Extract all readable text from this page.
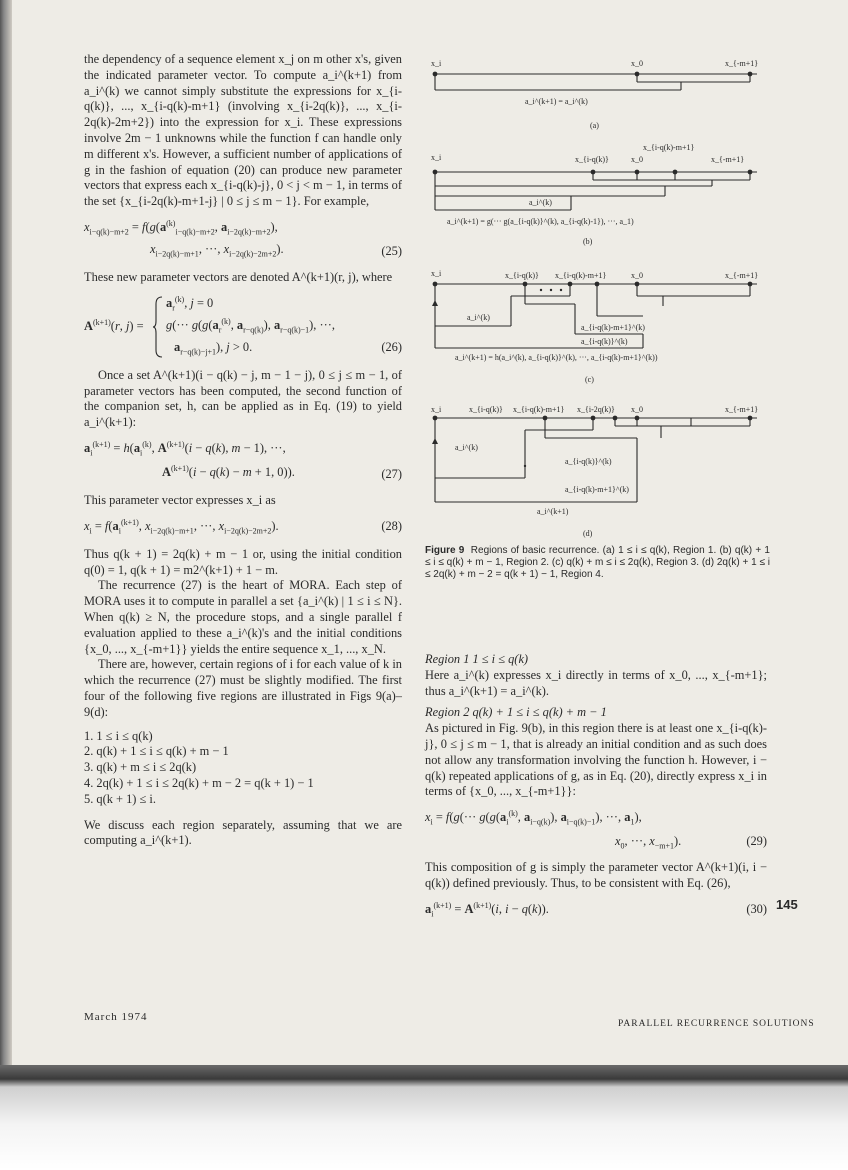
the dependency of a sequence element x_j on m other x's, given the indicated parameter vector. To compute a_i^(k+1) from a_i^(k) we cannot simply substitute the expressions for x_{i-q(k)}, ..., x_{i-q(k)-m+1} (involving x_{i-2q(k)}, ..., x_{i-2q(k)-2m+2}) into the expression for x_i. These expressions involve 2m − 1 unknowns while the function f can handle only m different x's. However, a sufficient number of applications of g in the fashion of equation (20) can produce new parameter vectors that express each x_{i-q(k)-j}, 0 < j < m − 1, in terms of the set {x_{i-2q(k)-m+1-j} | 0 ≤ j ≤ m − 1}. For example,

$x_{i-q(k)-m+2} = f(g(a^{(k)}_{i-q(k)-m+2}$, $a_{i-2q(k)-m+2}$),
$x_{i-2q(k)-m+1}$, ···, $x_{i-2q(k)-2m+2}$).	(25)

These new parameter vectors are denoted A^(k+1)(r, j), where

$A^{(k+1)}(r$, j) =
$a_r^{(k)}$, j = 0
$g(\cdot\cdot\cdot g(g(a_r^{(k)}$, $a_{r-q(k)}$), $a_{r-q(k)-1}$), ···,
$a_{r-q(k)-j+1}$), j > 0.	(26)

Once a set A^(k+1)(i − q(k) − j, m − 1 − j), 0 ≤ j ≤ m − 1, of parameter vectors has been computed, the second function of the companion set, h, can be applied as in Eq. (19) to yield a_i^(k+1):

$a_i^{(k+1)} = h(a_i^{(k)}$, $A^{(k+1)}(i - q(k)$, m − 1), ···,
$A^{(k+1)}(i - q(k) - m + 1$, 0)).	(27)

This parameter vector expresses x_i as

$x_i = f(a_i^{(k+1)}$, $x_{i-2q(k)-m+1}$, ···, $x_{i-2q(k)-2m+2}$).	(28)

Thus q(k + 1) = 2q(k) + m − 1 or, using the initial condition q(0) = 1, q(k + 1) = m2^(k+1) + 1 − m.

The recurrence (27) is the heart of MORA. Each step of MORA uses it to compute in parallel a set {a_i^(k) | 1 ≤ i ≤ N}. When q(k) ≥ N, the procedure stops, and a single parallel f evaluation applied to these a_i^(k)'s and the initial conditions {x_0, ..., x_{-m+1}} yields the entire sequence x_1, ..., x_N.

There are, however, certain regions of i for each value of k in which the recurrence (27) must be slightly modified. The first four of the following five regions are illustrated in Figs 9(a)–9(d):

1. 1 ≤ i ≤ q(k)
2. q(k) + 1 ≤ i ≤ q(k) + m − 1
3. q(k) + m ≤ i ≤ 2q(k)
4. 2q(k) + 1 ≤ i ≤ 2q(k) + m − 2 = q(k + 1) − 1
5. q(k + 1) ≤ i.

We discuss each region separately, assuming that we are computing a_i^(k+1).

x_i	x_0	x_{-m+1}
a_i^(k+1) = a_i^(k)
(a)
x_i	x_{i-q(k)}	x_0	x_{-m+1}
x_{i-q(k)-m+1}
a_i^(k)
a_i^(k+1) = g(··· g(a_{i-q(k)}^(k), a_{i-q(k)-1}), ···, a_1)
(b)
x_i	x_{i-q(k)} x_{i-q(k)-m+1}	x_0	x_{-m+1}
a_i^(k)
a_{i-q(k)-m+1}^(k)
a_{i-q(k)}^(k)
a_i^(k+1) = h(a_i^(k), a_{i-q(k)}^(k), ···, a_{i-q(k)-m+1}^(k))
(c)
x_i	x_{i-q(k)} x_{i-q(k)-m+1} x_{i-2q(k)} x_0	x_{-m+1}
a_i^(k)
a_{i-q(k)}^(k)
a_{i-q(k)-m+1}^(k)
a_i^(k+1)
(d)
Figure 9 Regions of basic recurrence. (a) 1 ≤ i ≤ q(k), Region 1. (b) q(k) + 1 ≤ i ≤ q(k) + m − 1, Region 2. (c) q(k) + m ≤ i ≤ 2q(k), Region 3. (d) 2q(k) + 1 ≤ i ≤ 2q(k) + m − 2 = q(k + 1) − 1, Region 4.

Region 1 1 ≤ i ≤ q(k)

Here a_i^(k) expresses x_i directly in terms of x_0, ..., x_{-m+1}; thus a_i^(k+1) = a_i^(k).

Region 2 q(k) + 1 ≤ i ≤ q(k) + m − 1

As pictured in Fig. 9(b), in this region there is at least one x_{i-q(k)-j}, 0 ≤ j ≤ m − 1, that is already an initial condition and as such does not allow any transformation involving the function h. However, i − q(k) repeated applications of g, as in Eq. (20), directly express x_i in terms of {x_0, ..., x_{-m+1}}:

$x_i = f(g(\cdot\cdot\cdot g(g(a_i^{(k)}$, $a_{i-q(k)}$), $a_{i-q(k)-1}$), ···, $a_1$),
$x_0$, ···, $x_{-m+1}$).	(29)

This composition of g is simply the parameter vector A^(k+1)(i, i − q(k)) defined previously. Thus, to be consistent with Eq. (26),

$a_i^{(k+1)} = A^{(k+1)}(i$, i − q(k)).	(30) 145
March 1974
PARALLEL RECURRENCE SOLUTIONS
